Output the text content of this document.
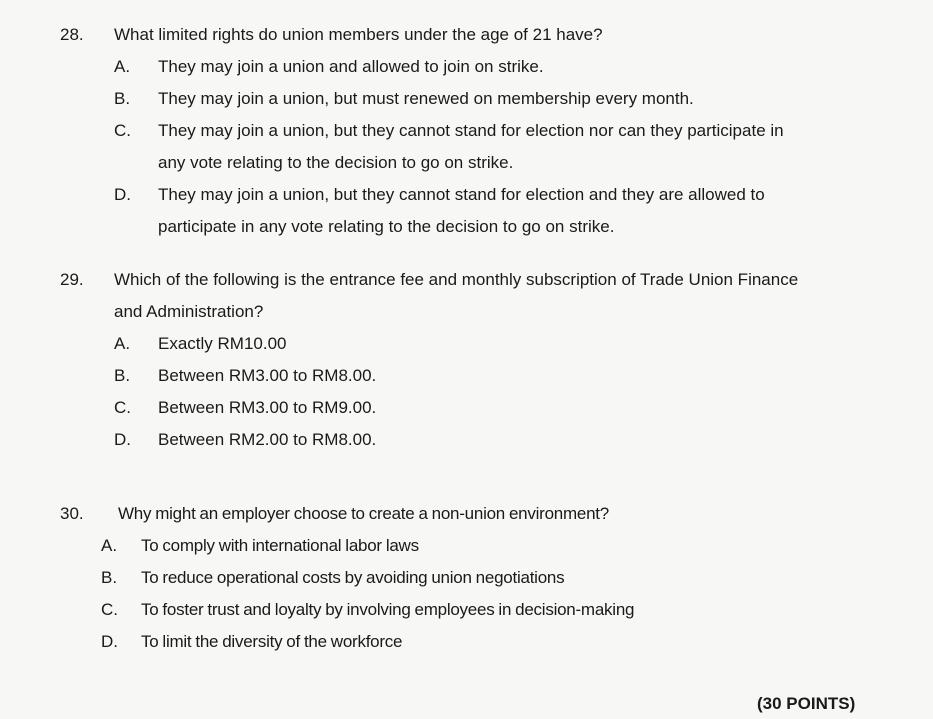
28. What limited rights do union members under the age of 21 have?
A. They may join a union and allowed to join on strike.
B. They may join a union, but must renewed on membership every month.
C. They may join a union, but they cannot stand for election nor can they participate in
any vote relating to the decision to go on strike.
D. They may join a union, but they cannot stand for election and they are allowed to
participate in any vote relating to the decision to go on strike.
29. Which of the following is the entrance fee and monthly subscription of Trade Union Finance
and Administration?
A. Exactly RM10.00
B. Between RM3.00 to RM8.00.
C. Between RM3.00 to RM9.00.
D. Between RM2.00 to RM8.00.
30. Why might an employer choose to create a non-union environment?
A. To comply with international labor laws
B. To reduce operational costs by avoiding union negotiations
C. To foster trust and loyalty by involving employees in decision-making
D. To limit the diversity of the workforce
(30 POINTS)
